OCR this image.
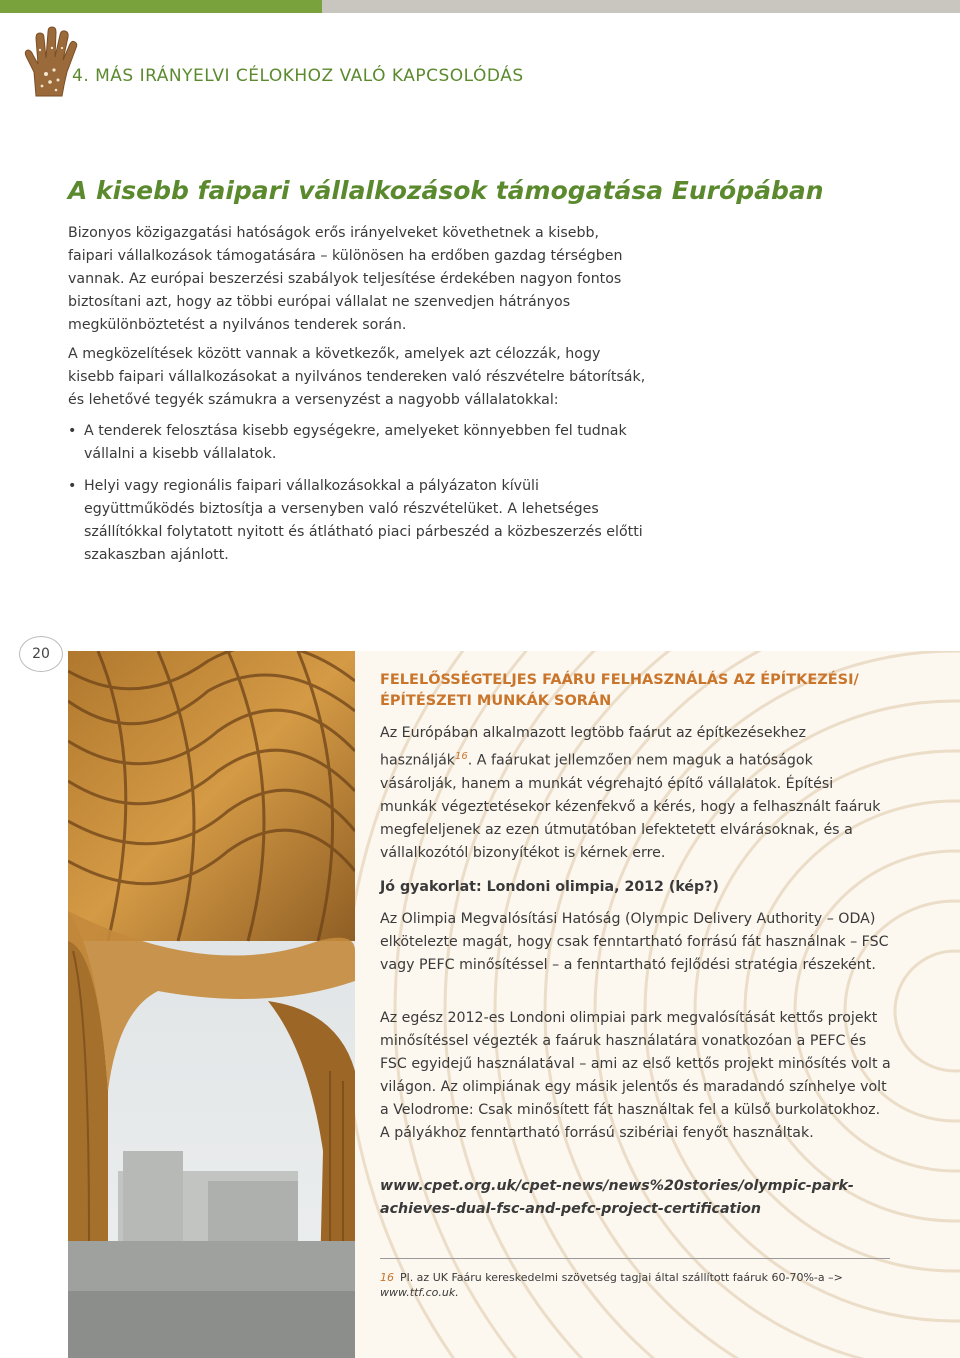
4. MÁS IRÁNYELVI CÉLOKHOZ VALÓ KAPCSOLÓDÁS
A kisebb faipari vállalkozások támogatása Európában

Bizonyos közigazgatási hatóságok erős irányelveket követhetnek a kisebb, faipari vállalkozások támogatására – különösen ha erdőben gazdag térségben vannak. Az európai beszerzési szabályok teljesítése érdekében nagyon fontos biztosítani azt, hogy az többi európai vállalat ne szenvedjen hátrányos megkülönböztetést a nyilvános tenderek során.

A megközelítések között vannak a következők, amelyek azt célozzák, hogy kisebb faipari vállalkozásokat a nyilvános tendereken való részvételre bátorítsák, és lehetővé tegyék számukra a versenyzést a nagyobb vállalatokkal:

• A tenderek felosztása kisebb egységekre, amelyeket könnyebben fel tudnak vállalni a kisebb vállalatok.
• Helyi vagy regionális faipari vállalkozásokkal a pályázaton kívüli együttműködés biztosítja a versenyben való részvételüket. A lehetséges szállítókkal folytatott nyitott és átlátható piaci párbeszéd a közbeszerzés előtti szakaszban ajánlott.
20
FELELŐSSÉGTELJES FAÁRU FELHASZNÁLÁS AZ ÉPÍTKEZÉSI/ ÉPÍTÉSZETI MUNKÁK SORÁN

Az Európában alkalmazott legtöbb faárut az építkezésekhez használják$^{16}$. A faárukat jellemzően nem maguk a hatóságok vásárolják, hanem a munkát végrehajtó építő vállalatok. Építési munkák végeztetésekor kézenfekvő a kérés, hogy a felhasznált faáruk megfeleljenek az ezen útmutatóban lefektetett elvárásoknak, és a vállalkozótól bizonyítékot is kérnek erre.

Jó gyakorlat: Londoni olimpia, 2012 (kép?)

Az Olimpia Megvalósítási Hatóság (Olympic Delivery Authority – ODA) elkötelezte magát, hogy csak fenntartható forrású fát használnak – FSC vagy PEFC minősítéssel – a fenntartható fejlődési stratégia részeként.

Az egész 2012-es Londoni olimpiai park megvalósítását kettős projekt minősítéssel végezték a faáruk használatára vonatkozóan a PEFC és FSC egyidejű használatával – ami az első kettős projekt minősítés volt a világon. Az olimpiának egy másik jelentős és maradandó színhelye volt a Velodrome: Csak minősített fát használtak fel a külső burkolatokhoz. A pályákhoz fenntartható forrású szibériai fenyőt használtak.

www.cpet.org.uk/cpet-news/news%20stories/olympic-park-achieves-dual-fsc-and-pefc-project-certification

16 Pl. az UK Faáru kereskedelmi szövetség tagjai által szállított faáruk 60-70%-a –> www.ttf.co.uk.
